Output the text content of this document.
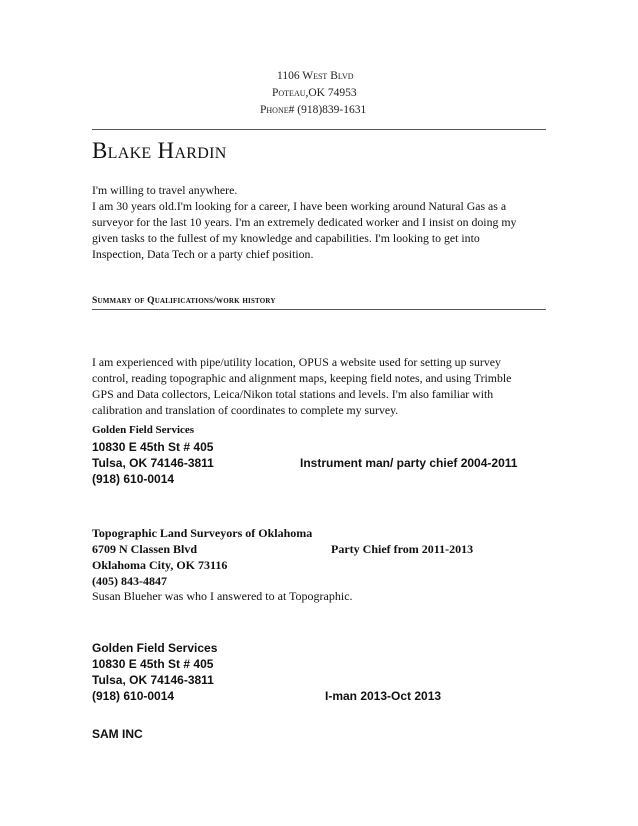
1106 West Blvd
Poteau,OK 74953
Phone# (918)839-1631
Blake Hardin
I'm willing to travel anywhere.
I am 30 years old.I'm looking for a career, I have been working around Natural Gas as a
surveyor for the last 10 years. I'm an extremely dedicated worker and I insist on doing my
given tasks to the fullest of my knowledge and capabilities. I'm looking to get into
Inspection, Data Tech or a party chief position.
Summary of Qualifications/work history
I am experienced with pipe/utility location, OPUS a website used for setting up survey
control, reading topographic and alignment maps, keeping field notes, and using Trimble
GPS and Data collectors, Leica/Nikon total stations and levels. I'm also familiar with
calibration and translation of coordinates to complete my survey.
Golden Field Services
10830 E 45th St # 405
Tulsa, OK 74146-3811	Instrument man/ party chief 2004-2011
(918) 610-0014
Topographic Land Surveyors of Oklahoma
6709 N Classen Blvd	Party Chief from 2011-2013
Oklahoma City, OK 73116
(405) 843-4847
Susan Blueher was who I answered to at Topographic.
Golden Field Services
10830 E 45th St # 405
Tulsa, OK 74146-3811
(918) 610-0014	I-man 2013-Oct 2013
SAM INC
